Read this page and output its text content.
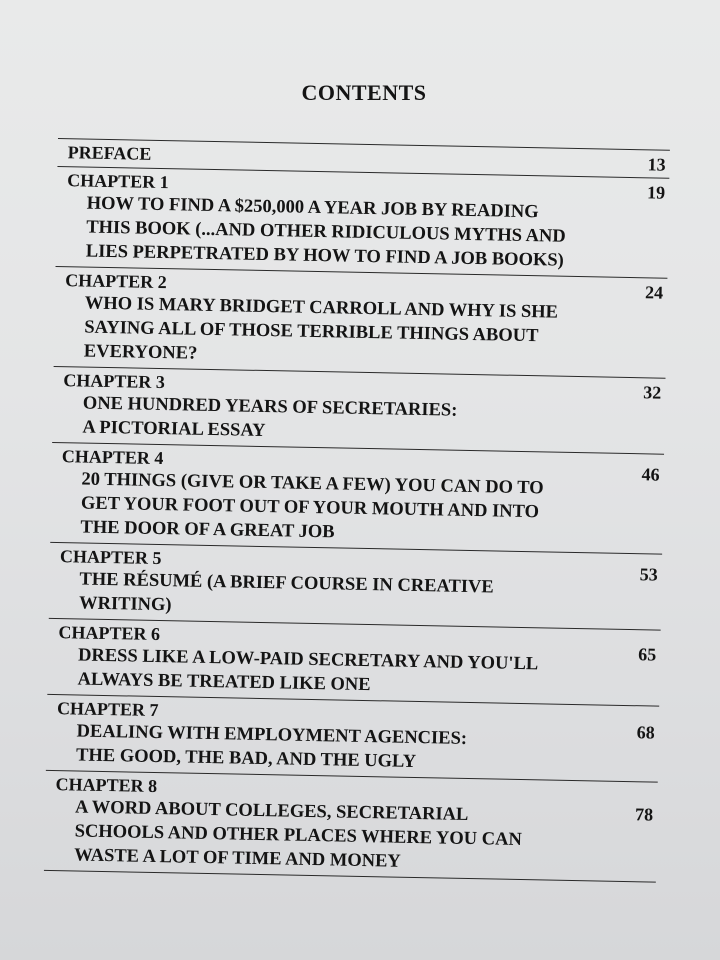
CONTENTS
PREFACE
13
CHAPTER 1
HOW TO FIND A $250,000 A YEAR JOB BY READING
THIS BOOK (...AND OTHER RIDICULOUS MYTHS AND
LIES PERPETRATED BY HOW TO FIND A JOB BOOKS)
19
CHAPTER 2
WHO IS MARY BRIDGET CARROLL AND WHY IS SHE
SAYING ALL OF THOSE TERRIBLE THINGS ABOUT
EVERYONE?
24
CHAPTER 3
ONE HUNDRED YEARS OF SECRETARIES:
A PICTORIAL ESSAY
32
CHAPTER 4
20 THINGS (GIVE OR TAKE A FEW) YOU CAN DO TO
GET YOUR FOOT OUT OF YOUR MOUTH AND INTO
THE DOOR OF A GREAT JOB
46
CHAPTER 5
THE RÉSUMÉ (A BRIEF COURSE IN CREATIVE
WRITING)
53
CHAPTER 6
DRESS LIKE A LOW-PAID SECRETARY AND YOU'LL
ALWAYS BE TREATED LIKE ONE
65
CHAPTER 7
DEALING WITH EMPLOYMENT AGENCIES:
THE GOOD, THE BAD, AND THE UGLY
68
CHAPTER 8
A WORD ABOUT COLLEGES, SECRETARIAL
SCHOOLS AND OTHER PLACES WHERE YOU CAN
WASTE A LOT OF TIME AND MONEY
78
